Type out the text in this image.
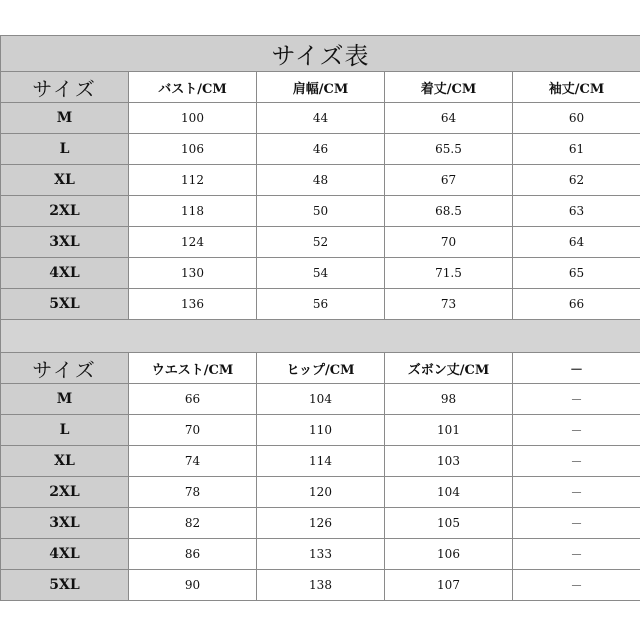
サイズ表				
サイズ	バスト/CM	肩幅/CM	着丈/CM	袖丈/CM
M	100	44	64	60
L	106	46	65.5	61
XL	112	48	67	62
2XL	118	50	68.5	63
3XL	124	52	70	64
4XL	130	54	71.5	65
5XL	136	56	73	66

サイズ	ウエスト/CM	ヒップ/CM	ズボン丈/CM	－
M	66	104	98	－
L	70	110	101	－
XL	74	114	103	－
2XL	78	120	104	－
3XL	82	126	105	－
4XL	86	133	106	－
5XL	90	138	107	－
